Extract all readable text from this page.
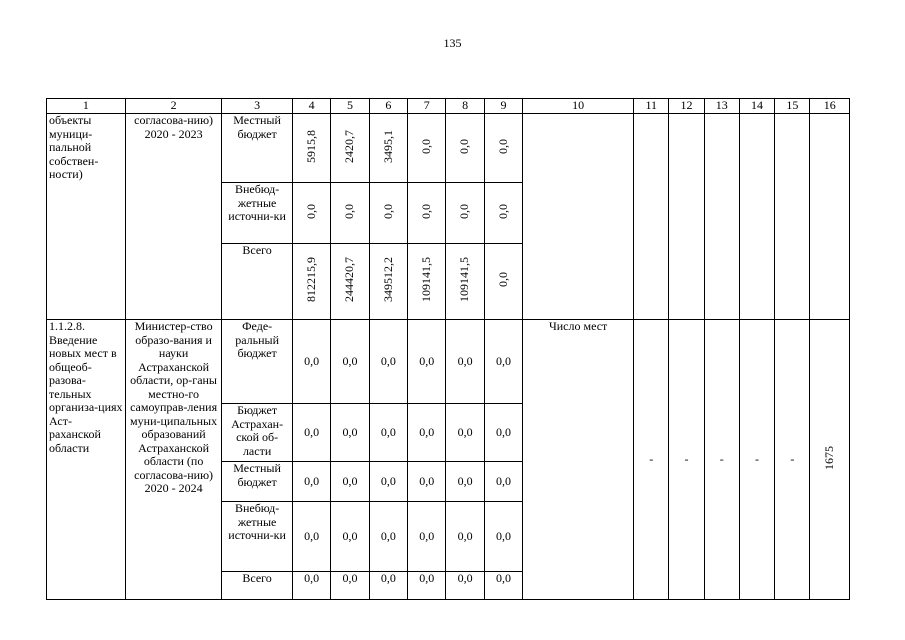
135
1	2	3	4	5	6	7	8	9	10	11	12	13	14	15	16
объекты муници-пальной собствен-ности)	согласова-нию) 2020 - 2023	Местный бюджет	5915,8	2420,7	3495,1	0,0	0,0	0,0							
		Внебюд-жетные источни-ки	0,0	0,0	0,0	0,0	0,0	0,0							
		Всего	812215,9	244420,7	349512,2	109141,5	109141,5	0,0							
1.1.2.8. Введение новых мест в общеоб-разова-тельных организа-циях Аст-раханской области	Министер-ство образо-вания и науки Астраханской области, ор-ганы местно-го самоуправ-ления муни-ципальных образований Астраханской области (по согласова-нию) 2020 - 2024	Феде-ральный бюджет	0,0	0,0	0,0	0,0	0,0	0,0	Число мест	-	-	-	-	-	1675
		Бюджет Астрахан-ской об-ласти	0,0	0,0	0,0	0,0	0,0	0,0							
		Местный бюджет	0,0	0,0	0,0	0,0	0,0	0,0							
		Внебюд-жетные источни-ки	0,0	0,0	0,0	0,0	0,0	0,0							
		Всего	0,0	0,0	0,0	0,0	0,0	0,0							
